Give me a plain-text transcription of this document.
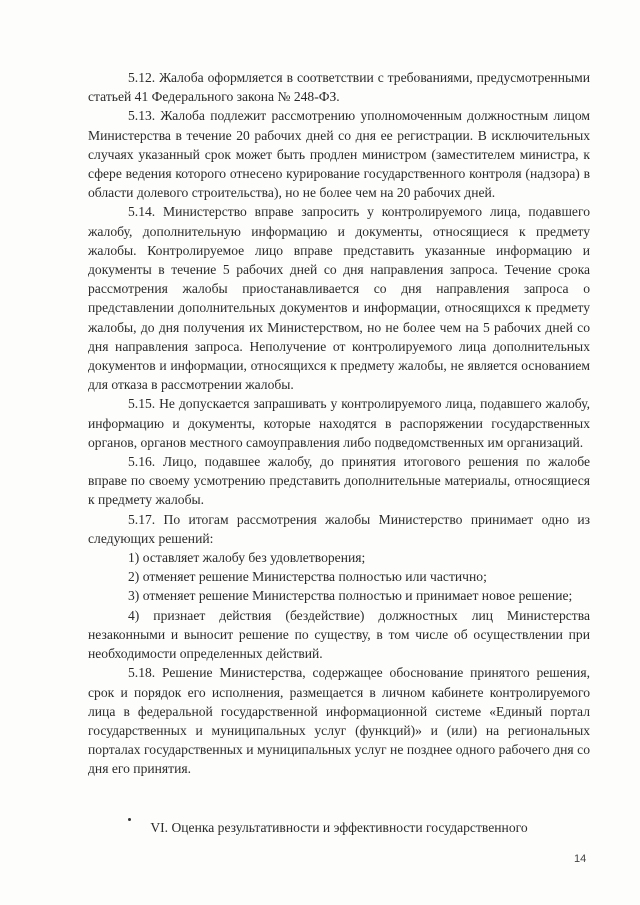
5.12. Жалоба оформляется в соответствии с требованиями, предусмотренными статьей 41 Федерального закона № 248-ФЗ.

5.13. Жалоба подлежит рассмотрению уполномоченным должностным лицом Министерства в течение 20 рабочих дней со дня ее регистрации. В исключительных случаях указанный срок может быть продлен министром (заместителем министра, к сфере ведения которого отнесено курирование государственного контроля (надзора) в области долевого строительства), но не более чем на 20 рабочих дней.

5.14. Министерство вправе запросить у контролируемого лица, подавшего жалобу, дополнительную информацию и документы, относящиеся к предмету жалобы. Контролируемое лицо вправе представить указанные информацию и документы в течение 5 рабочих дней со дня направления запроса. Течение срока рассмотрения жалобы приостанавливается со дня направления запроса о представлении дополнительных документов и информации, относящихся к предмету жалобы, до дня получения их Министерством, но не более чем на 5 рабочих дней со дня направления запроса. Неполучение от контролируемого лица дополнительных документов и информации, относящихся к предмету жалобы, не является основанием для отказа в рассмотрении жалобы.

5.15. Не допускается запрашивать у контролируемого лица, подавшего жалобу, информацию и документы, которые находятся в распоряжении государственных органов, органов местного самоуправления либо подведомственных им организаций.

5.16. Лицо, подавшее жалобу, до принятия итогового решения по жалобе вправе по своему усмотрению представить дополнительные материалы, относящиеся к предмету жалобы.

5.17. По итогам рассмотрения жалобы Министерство принимает одно из следующих решений:

1) оставляет жалобу без удовлетворения;

2) отменяет решение Министерства полностью или частично;

3) отменяет решение Министерства полностью и принимает новое решение;

4) признает действия (бездействие) должностных лиц Министерства незаконными и выносит решение по существу, в том числе об осуществлении при необходимости определенных действий.

5.18. Решение Министерства, содержащее обоснование принятого решения, срок и порядок его исполнения, размещается в личном кабинете контролируемого лица в федеральной государственной информационной системе «Единый портал государственных и муниципальных услуг (функций)» и (или) на региональных порталах государственных и муниципальных услуг не позднее одного рабочего дня со дня его принятия.

VI. Оценка результативности и эффективности государственного

14
